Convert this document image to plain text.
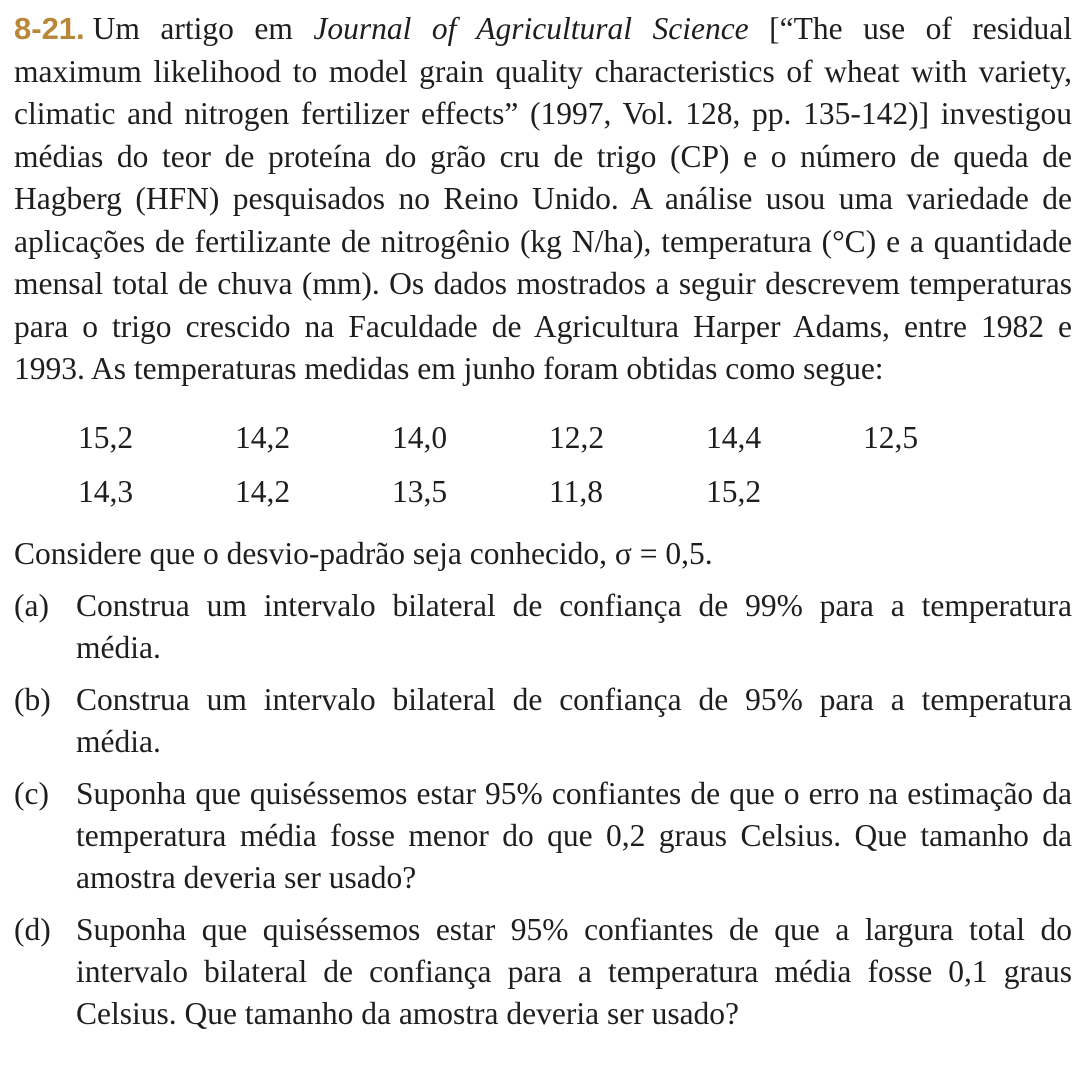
8-21. Um artigo em Journal of Agricultural Science [“The use of residual maximum likelihood to model grain quality characteristics of wheat with variety, climatic and nitrogen fertilizer effects” (1997, Vol. 128, pp. 135-142)] investigou médias do teor de proteína do grão cru de trigo (CP) e o número de queda de Hagberg (HFN) pesquisados no Reino Unido. A análise usou uma variedade de aplicações de fertilizante de nitrogênio (kg N/ha), temperatura (°C) e a quantidade mensal total de chuva (mm). Os dados mostrados a seguir descrevem temperaturas para o trigo crescido na Faculdade de Agricultura Harper Adams, entre 1982 e 1993. As temperaturas medidas em junho foram obtidas como segue:

15,2	14,2	14,0	12,2	14,4	12,5
14,3	14,2	13,5	11,8	15,2
Considere que o desvio-padrão seja conhecido, σ = 0,5.
(a) Construa um intervalo bilateral de confiança de 99% para a temperatura média.
(b) Construa um intervalo bilateral de confiança de 95% para a temperatura média.
(c) Suponha que quiséssemos estar 95% confiantes de que o erro na estimação da temperatura média fosse menor do que 0,2 graus Celsius. Que tamanho da amostra deveria ser usado?
(d) Suponha que quiséssemos estar 95% confiantes de que a largura total do intervalo bilateral de confiança para a temperatura média fosse 0,1 graus Celsius. Que tamanho da amostra deveria ser usado?
